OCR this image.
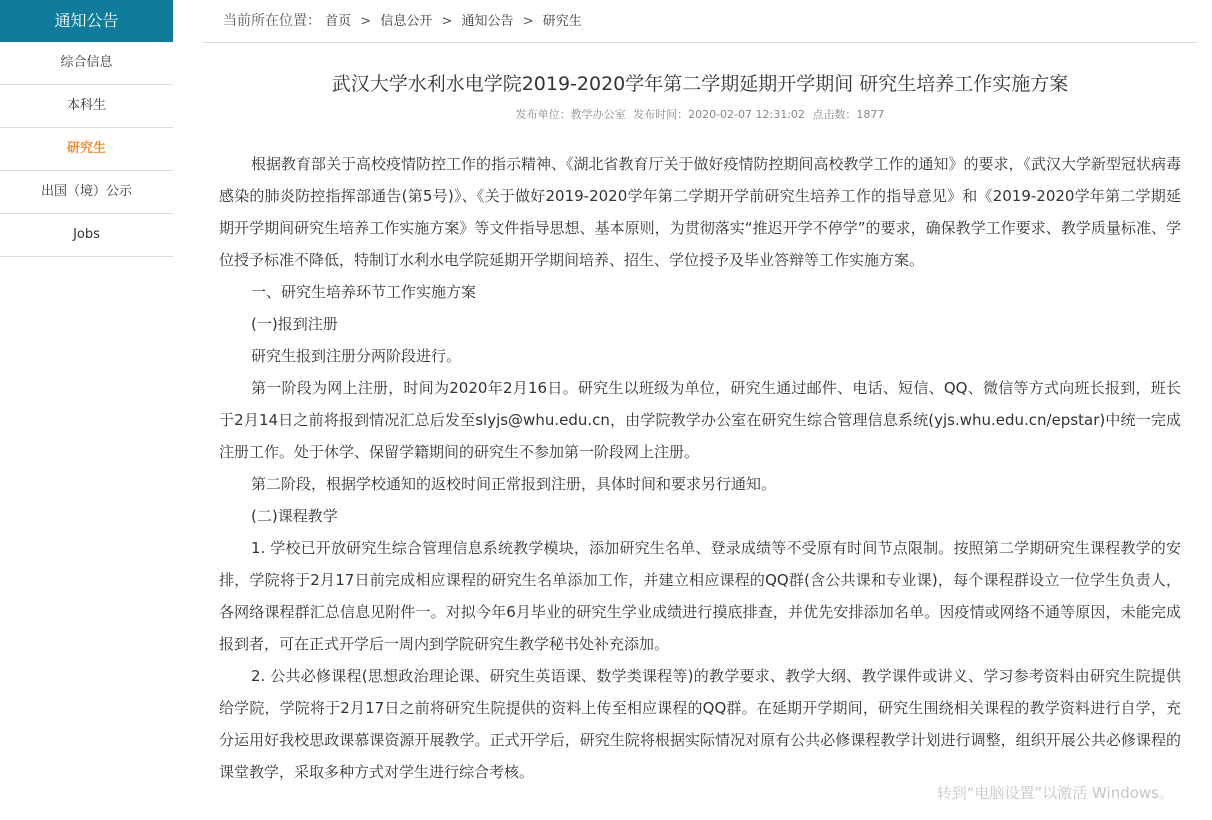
通知公告
综合信息
本科生
研究生
出国（境）公示
Jobs
当前所在位置： 首页 > 信息公开 > 通知公告 > 研究生
武汉大学水利水电学院2019-2020学年第二学期延期开学期间 研究生培养工作实施方案
发布单位：教学办公室 发布时间：2020-02-07 12:31:02 点击数：1877

根据教育部关于高校疫情防控工作的指示精神、《湖北省教育厅关于做好疫情防控期间高校教学工作的通知》的要求，《武汉大学新型冠状病毒感染的肺炎防控指挥部通告(第5号)》、《关于做好2019-2020学年第二学期开学前研究生培养工作的指导意见》和《2019-2020学年第二学期延期开学期间研究生培养工作实施方案》等文件指导思想、基本原则，为贯彻落实“推迟开学不停学”的要求，确保教学工作要求、教学质量标准、学位授予标准不降低，特制订水利水电学院延期开学期间培养、招生、学位授予及毕业答辩等工作实施方案。

一、研究生培养环节工作实施方案

(一)报到注册

研究生报到注册分两阶段进行。

第一阶段为网上注册，时间为2020年2月16日。研究生以班级为单位，研究生通过邮件、电话、短信、QQ、微信等方式向班长报到，班长于2月14日之前将报到情况汇总后发至slyjs@whu.edu.cn，由学院教学办公室在研究生综合管理信息系统(yjs.whu.edu.cn/epstar)中统一完成注册工作。处于休学、保留学籍期间的研究生不参加第一阶段网上注册。

第二阶段，根据学校通知的返校时间正常报到注册，具体时间和要求另行通知。

(二)课程教学

1. 学校已开放研究生综合管理信息系统教学模块，添加研究生名单、登录成绩等不受原有时间节点限制。按照第二学期研究生课程教学的安排，学院将于2月17日前完成相应课程的研究生名单添加工作，并建立相应课程的QQ群(含公共课和专业课)，每个课程群设立一位学生负责人，各网络课程群汇总信息见附件一。对拟今年6月毕业的研究生学业成绩进行摸底排查，并优先安排添加名单。因疫情或网络不通等原因，未能完成报到者，可在正式开学后一周内到学院研究生教学秘书处补充添加。

2. 公共必修课程(思想政治理论课、研究生英语课、数学类课程等)的教学要求、教学大纲、教学课件或讲义、学习参考资料由研究生院提供给学院，学院将于2月17日之前将研究生院提供的资料上传至相应课程的QQ群。在延期开学期间，研究生围绕相关课程的教学资料进行自学，充分运用好我校思政课慕课资源开展教学。正式开学后，研究生院将根据实际情况对原有公共必修课程教学计划进行调整，组织开展公共必修课程的课堂教学，采取多种方式对学生进行综合考核。

转到“电脑设置”以激活 Windows。
